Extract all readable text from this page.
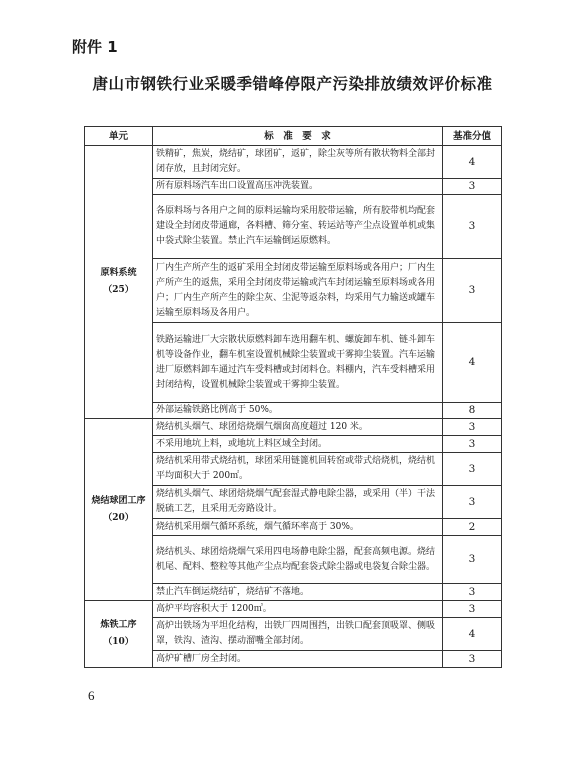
附件 1
唐山市钢铁行业采暖季错峰停限产污染排放绩效评价标准
单元	标　准　要　求	基准分值

原料系统
（25）	铁精矿，焦炭，烧结矿，球团矿，返矿，除尘灰等所有散状物料全部封闭存放，且封闭完好。	4
	所有原料场汽车出口设置高压冲洗装置。	3
	各原料场与各用户之间的原料运输均采用胶带运输，所有胶带机均配套建设全封闭皮带通廊，各料槽、筛分室、转运站等产尘点设置单机或集中袋式除尘装置。禁止汽车运输倒运原燃料。	3
	厂内生产所产生的返矿采用全封闭皮带运输至原料场或各用户；厂内生产所产生的返焦，采用全封闭皮带运输或汽车封闭运输至原料场或各用户；厂内生产所产生的除尘灰、尘泥等返杂料，均采用气力输送或罐车运输至原料场及各用户。	3
	铁路运输进厂大宗散状原燃料卸车选用翻车机、螺旋卸车机、链斗卸车机等设备作业，翻车机室设置机械除尘装置或干雾抑尘装置。汽车运输进厂原燃料卸车通过汽车受料槽或封闭料仓。料棚内，汽车受料槽采用封闭结构，设置机械除尘装置或干雾抑尘装置。	4
	外部运输铁路比例高于 50%。	8

烧结球团工序
（20）	烧结机头烟气、球团焙烧烟气烟囱高度超过 120 米。	3
	不采用地坑上料，或地坑上料区域全封闭。	3
	烧结机采用带式烧结机，球团采用链篦机回转窑或带式焙烧机，烧结机平均面积大于 200㎡。	3
	烧结机头烟气、球团焙烧烟气配套湿式静电除尘器，或采用（半）干法脱硫工艺，且采用无旁路设计。	3
	烧结机采用烟气循环系统，烟气循环率高于 30%。	2
	烧结机头、球团焙烧烟气采用四电场静电除尘器，配套高频电源。烧结机尾、配料、整粒等其他产尘点均配套袋式除尘器或电袋复合除尘器。	3
	禁止汽车倒运烧结矿，烧结矿不落地。	3

炼铁工序
（10）	高炉平均容积大于 1200㎥。	3
	高炉出铁场为平坦化结构，出铁厂四周围挡，出铁口配套顶吸罩、侧吸罩，铁沟、渣沟、摆动溜嘴全部封闭。	4
	高炉矿槽厂房全封闭。	3
6
